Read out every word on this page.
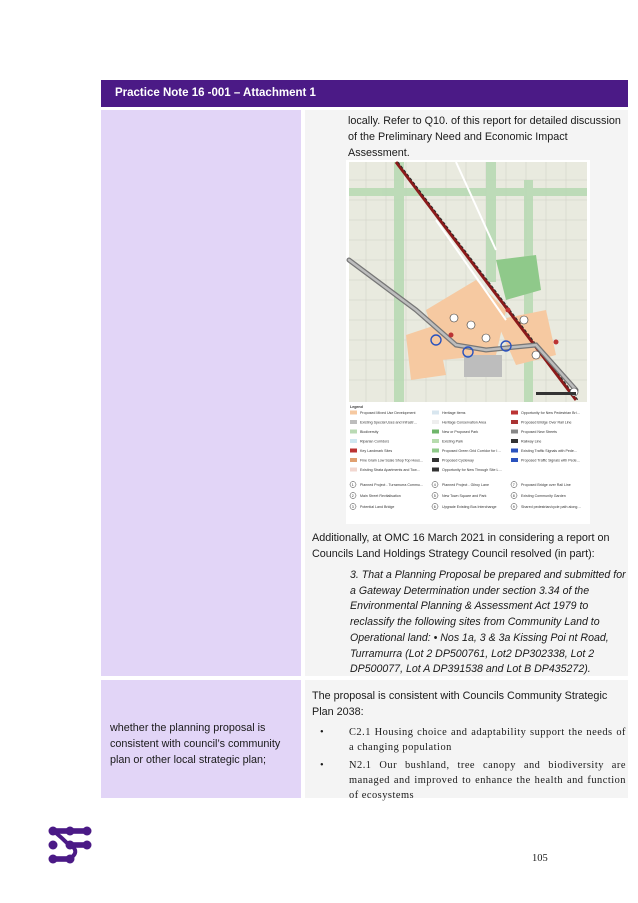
Practice Note 16 -001 – Attachment 1

locally. Refer to Q10. of this report for detailed discussion of the Preliminary Need and Economic Impact Assessment.

Legend
Proposed Mixed Use Development
Existing Special Uses and Infrastr…
Biodiversity
Riparian Corridors
Key Landmark Sites
Fine Grain Low Scale Shop Top Hous…
Existing Strata Apartments and Tow…
Heritage Items
Heritage Conservation Area
New or Proposed Park
Existing Park
Proposed Green Grid Corridor for I…
Proposed Cycleway
Opportunity for New Through Site L…
Opportunity for New Pedestrian Bri…
Proposed Bridge Over Rail Line
Proposed New Streets
Railway Line
Existing Traffic Signals with Pede…
Proposed Traffic Signals with Pede…
1 Planned Project - Turramurra Commu…
2 Main Street Revitalisation
3 Potential Land Bridge
4 Planned Project - Gilroy Lane
5 New Town Square and Park
6 Upgrade Existing Bus Interchange
7 Proposed Bridge over Rail Line
8 Existing Community Garden
9 Shared pedestrian/cycle path along…

Additionally, at OMC 16 March 2021 in considering a report on Councils Land Holdings Strategy Council resolved (in part):

3. That a Planning Proposal be prepared and submitted for a Gateway Determination under section 3.34 of the Environmental Planning & Assessment Act 1979 to reclassify the following sites from Community Land to Operational land: • Nos 1a, 3 & 3a Kissing Poi nt Road, Turramurra (Lot 2 DP500761, Lot2 DP302338, Lot 2 DP500077, Lot A DP391538 and Lot B DP435272).

whether the planning proposal is consistent with council’s community plan or other local strategic plan;

The proposal is consistent with Councils Community Strategic Plan 2038:

• C2.1 Housing choice and adaptability support the needs of a changing population
• N2.1 Our bushland, tree canopy and biodiversity are managed and improved to enhance the health and function of ecosystems
105
